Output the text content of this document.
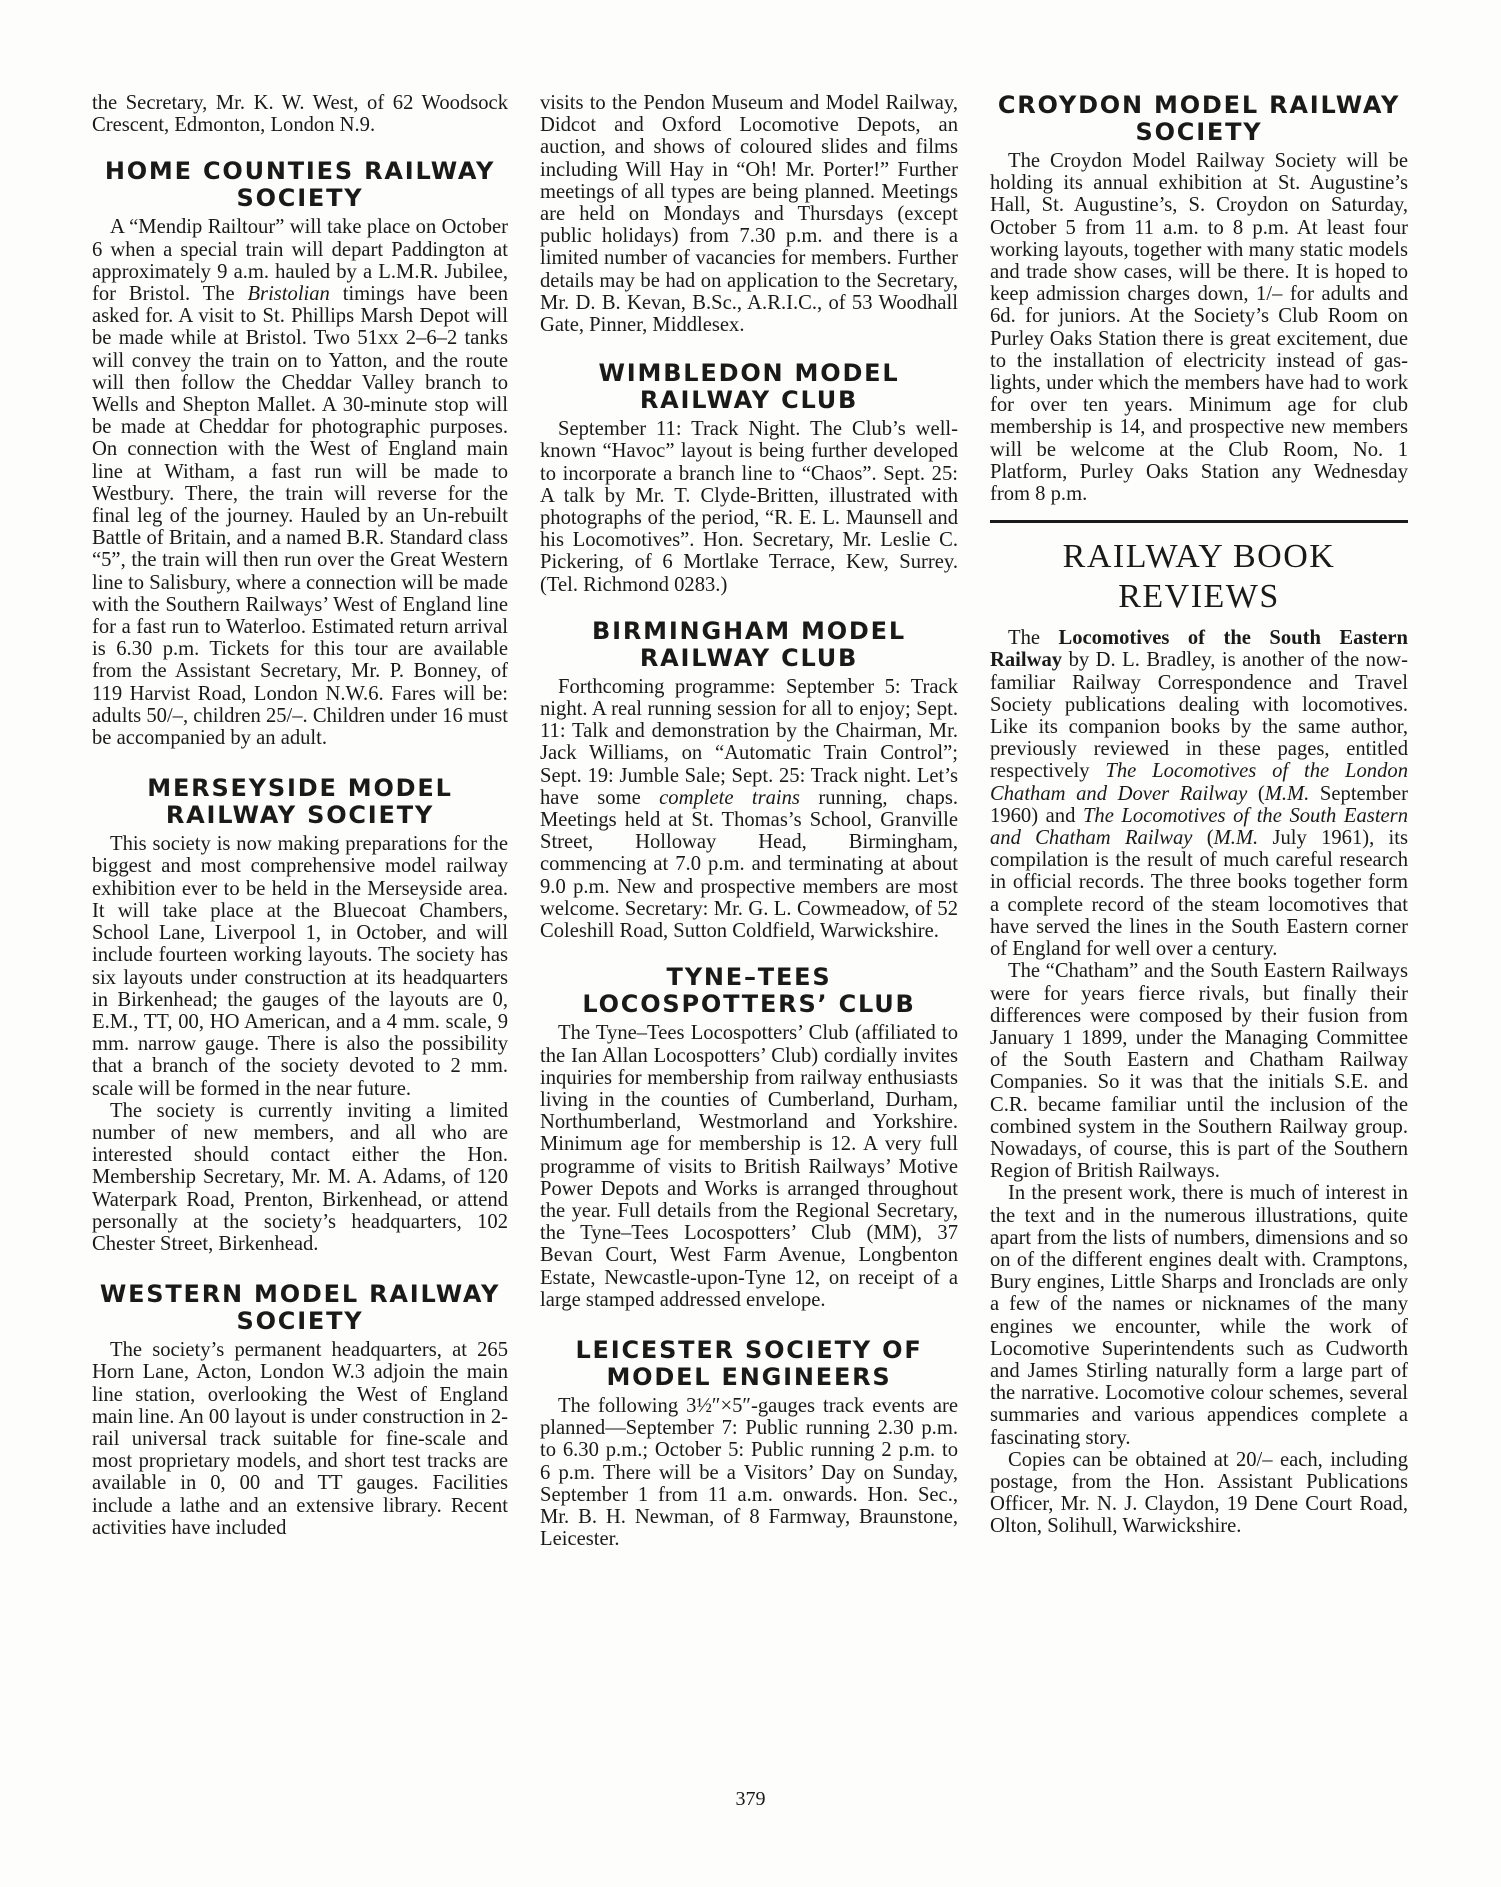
the Secretary, Mr. K. W. West, of 62 Woodsock Crescent, Edmonton, London N.9.

HOME COUNTIES RAILWAY SOCIETY

A “Mendip Railtour” will take place on October 6 when a special train will depart Paddington at approximately 9 a.m. hauled by a L.M.R. Jubilee, for Bristol. The Bristolian timings have been asked for. A visit to St. Phillips Marsh Depot will be made while at Bristol. Two 51xx 2–6–2 tanks will convey the train on to Yatton, and the route will then follow the Cheddar Valley branch to Wells and Shepton Mallet. A 30-minute stop will be made at Cheddar for photographic purposes. On connection with the West of England main line at Witham, a fast run will be made to Westbury. There, the train will reverse for the final leg of the journey. Hauled by an Un-rebuilt Battle of Britain, and a named B.R. Standard class “5”, the train will then run over the Great Western line to Salisbury, where a connection will be made with the Southern Railways’ West of England line for a fast run to Waterloo. Estimated return arrival is 6.30 p.m. Tickets for this tour are available from the Assistant Secretary, Mr. P. Bonney, of 119 Harvist Road, London N.W.6. Fares will be: adults 50/–, children 25/–. Children under 16 must be accompanied by an adult.

MERSEYSIDE MODEL RAILWAY SOCIETY

This society is now making preparations for the biggest and most comprehensive model railway exhibition ever to be held in the Merseyside area. It will take place at the Bluecoat Chambers, School Lane, Liverpool 1, in October, and will include fourteen working layouts. The society has six layouts under construction at its headquarters in Birkenhead; the gauges of the layouts are 0, E.M., TT, 00, HO American, and a 4 mm. scale, 9 mm. narrow gauge. There is also the possibility that a branch of the society devoted to 2 mm. scale will be formed in the near future.

The society is currently inviting a limited number of new members, and all who are interested should contact either the Hon. Membership Secretary, Mr. M. A. Adams, of 120 Waterpark Road, Prenton, Birkenhead, or attend personally at the society’s headquarters, 102 Chester Street, Birkenhead.

WESTERN MODEL RAILWAY SOCIETY

The society’s permanent headquarters, at 265 Horn Lane, Acton, London W.3 adjoin the main line station, overlooking the West of England main line. An 00 layout is under construction in 2-rail universal track suitable for fine-scale and most proprietary models, and short test tracks are available in 0, 00 and TT gauges. Facilities include a lathe and an extensive library. Recent activities have included

visits to the Pendon Museum and Model Railway, Didcot and Oxford Locomotive Depots, an auction, and shows of coloured slides and films including Will Hay in “Oh! Mr. Porter!” Further meetings of all types are being planned. Meetings are held on Mondays and Thursdays (except public holidays) from 7.30 p.m. and there is a limited number of vacancies for members. Further details may be had on application to the Secretary, Mr. D. B. Kevan, B.Sc., A.R.I.C., of 53 Woodhall Gate, Pinner, Middlesex.

WIMBLEDON MODEL RAILWAY CLUB

September 11: Track Night. The Club’s well-known “Havoc” layout is being further developed to incorporate a branch line to “Chaos”. Sept. 25: A talk by Mr. T. Clyde-Britten, illustrated with photographs of the period, “R. E. L. Maunsell and his Locomotives”. Hon. Secretary, Mr. Leslie C. Pickering, of 6 Mortlake Terrace, Kew, Surrey. (Tel. Richmond 0283.)

BIRMINGHAM MODEL RAILWAY CLUB

Forthcoming programme: September 5: Track night. A real running session for all to enjoy; Sept. 11: Talk and demonstration by the Chairman, Mr. Jack Williams, on “Automatic Train Control”; Sept. 19: Jumble Sale; Sept. 25: Track night. Let’s have some complete trains running, chaps. Meetings held at St. Thomas’s School, Granville Street, Holloway Head, Birmingham, commencing at 7.0 p.m. and terminating at about 9.0 p.m. New and prospective members are most welcome. Secretary: Mr. G. L. Cowmeadow, of 52 Coleshill Road, Sutton Coldfield, Warwickshire.

TYNE–TEES LOCOSPOTTERS’ CLUB

The Tyne–Tees Locospotters’ Club (affiliated to the Ian Allan Locospotters’ Club) cordially invites inquiries for membership from railway enthusiasts living in the counties of Cumberland, Durham, Northumberland, Westmorland and Yorkshire. Minimum age for membership is 12. A very full programme of visits to British Railways’ Motive Power Depots and Works is arranged throughout the year. Full details from the Regional Secretary, the Tyne–Tees Locospotters’ Club (MM), 37 Bevan Court, West Farm Avenue, Longbenton Estate, Newcastle-upon-Tyne 12, on receipt of a large stamped addressed envelope.

LEICESTER SOCIETY OF MODEL ENGINEERS

The following 3½″×5″-gauges track events are planned—September 7: Public running 2.30 p.m. to 6.30 p.m.; October 5: Public running 2 p.m. to 6 p.m. There will be a Visitors’ Day on Sunday, September 1 from 11 a.m. onwards. Hon. Sec., Mr. B. H. Newman, of 8 Farmway, Braunstone, Leicester.

CROYDON MODEL RAILWAY SOCIETY

The Croydon Model Railway Society will be holding its annual exhibition at St. Augustine’s Hall, St. Augustine’s, S. Croydon on Saturday, October 5 from 11 a.m. to 8 p.m. At least four working layouts, together with many static models and trade show cases, will be there. It is hoped to keep admission charges down, 1/– for adults and 6d. for juniors. At the Society’s Club Room on Purley Oaks Station there is great excitement, due to the installation of electricity instead of gas-lights, under which the members have had to work for over ten years. Minimum age for club membership is 14, and prospective new members will be welcome at the Club Room, No. 1 Platform, Purley Oaks Station any Wednesday from 8 p.m.

RAILWAY BOOK REVIEWS

The Locomotives of the South Eastern Railway by D. L. Bradley, is another of the now-familiar Railway Correspondence and Travel Society publications dealing with locomotives. Like its companion books by the same author, previously reviewed in these pages, entitled respectively The Locomotives of the London Chatham and Dover Railway (M.M. September 1960) and The Locomotives of the South Eastern and Chatham Railway (M.M. July 1961), its compilation is the result of much careful research in official records. The three books together form a complete record of the steam locomotives that have served the lines in the South Eastern corner of England for well over a century.

The “Chatham” and the South Eastern Railways were for years fierce rivals, but finally their differences were composed by their fusion from January 1 1899, under the Managing Committee of the South Eastern and Chatham Railway Companies. So it was that the initials S.E. and C.R. became familiar until the inclusion of the combined system in the Southern Railway group. Nowadays, of course, this is part of the Southern Region of British Railways.

In the present work, there is much of interest in the text and in the numerous illustrations, quite apart from the lists of numbers, dimensions and so on of the different engines dealt with. Cramptons, Bury engines, Little Sharps and Ironclads are only a few of the names or nicknames of the many engines we encounter, while the work of Locomotive Superintendents such as Cudworth and James Stirling naturally form a large part of the narrative. Locomotive colour schemes, several summaries and various appendices complete a fascinating story.

Copies can be obtained at 20/– each, including postage, from the Hon. Assistant Publications Officer, Mr. N. J. Claydon, 19 Dene Court Road, Olton, Solihull, Warwickshire.

379
